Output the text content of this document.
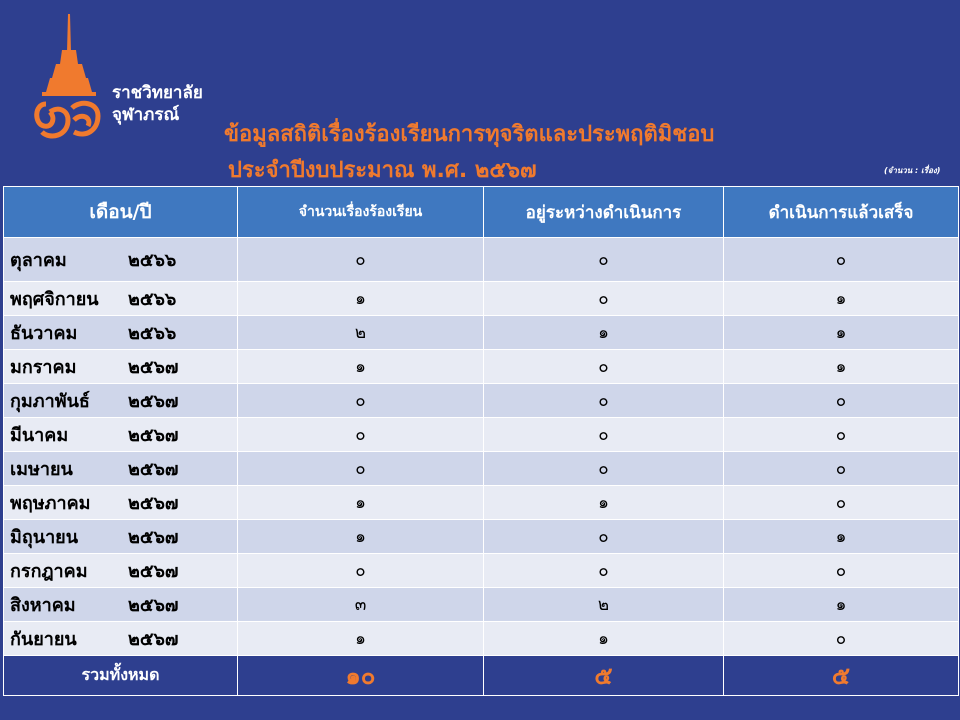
ราชวิทยาลัย
จุฬาภรณ์
ข้อมูลสถิติเรื่องร้องเรียนการทุจริตและประพฤติมิชอบ
ประจำปีงบประมาณ พ.ศ. ๒๕๖๗	(จำนวน : เรื่อง)
เดือน/ปี	จำนวนเรื่องร้องเรียน	อยู่ระหว่างดำเนินการ	ดำเนินการแล้วเสร็จ
ตุลาคม ๒๕๖๖	๐	๐	๐
พฤศจิกายน ๒๕๖๖	๑	๐	๑
ธันวาคม ๒๕๖๖	๒	๑	๑
มกราคม ๒๕๖๗	๑	๐	๑
กุมภาพันธ์ ๒๕๖๗	๐	๐	๐
มีนาคม ๒๕๖๗	๐	๐	๐
เมษายน ๒๕๖๗	๐	๐	๐
พฤษภาคม ๒๕๖๗	๑	๑	๐
มิถุนายน ๒๕๖๗	๑	๐	๑
กรกฎาคม ๒๕๖๗	๐	๐	๐
สิงหาคม ๒๕๖๗	๓	๒	๑
กันยายน ๒๕๖๗	๑	๑	๐
รวมทั้งหมด	๑๐	๕	๕
